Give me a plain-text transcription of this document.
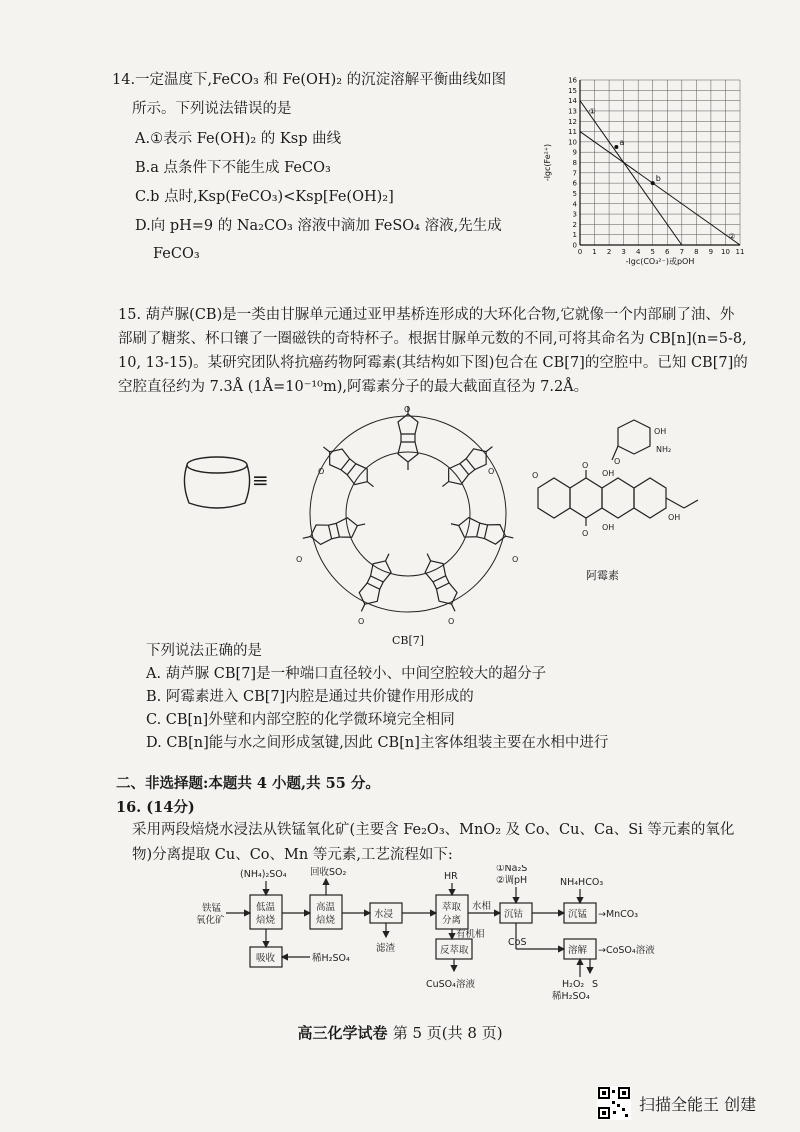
14.一定温度下,FeCO₃ 和 Fe(OH)₂ 的沉淀溶解平衡曲线如图
所示。下列说法错误的是
A.①表示 Fe(OH)₂ 的 Ksp 曲线
B.a 点条件下不能生成 FeCO₃
C.b 点时,Ksp(FeCO₃)<Ksp[Fe(OH)₂]
D.向 pH=9 的 Na₂CO₃ 溶液中滴加 FeSO₄ 溶液,先生成
FeCO₃	0 1 2 3 4 5 6 7 8 9 10 11
0
1
2
3
4
5
6
7
8
9
10
11
12
13
14
15
16
①
②
a
b
-lgc(CO₃²⁻)或pOH
-lgc(Fe²⁺)

15. 葫芦脲(CB)是一类由甘脲单元通过亚甲基桥连形成的大环化合物,它就像一个内部刷了油、外部刷了糖浆、杯口镶了一圈磁铁的奇特杯子。根据甘脲单元数的不同,可将其命名为 CB[n](n=5-8, 10, 13-15)。某研究团队将抗癌药物阿霉素(其结构如下图)包合在 CB[7]的空腔中。已知 CB[7]的空腔直径约为 7.3Å (1Å=10⁻¹⁰m),阿霉素分子的最大截面直径为 7.2Å。

≡
O
O	O
O	O
O	O
CB[7]
OH
NH₂
O
O
O
O
OH
OH
OH
阿霉素
下列说法正确的是
A. 葫芦脲 CB[7]是一种端口直径较小、中间空腔较大的超分子
B. 阿霉素进入 CB[7]内腔是通过共价键作用形成的
C. CB[n]外壁和内部空腔的化学微环境完全相同
D. CB[n]能与水之间形成氢键,因此 CB[n]主客体组装主要在水相中进行
二、非选择题:本题共 4 小题,共 55 分。
16. (14分)
采用两段焙烧水浸法从铁锰氧化矿(主要含 Fe₂O₃、MnO₂ 及 Co、Cu、Ca、Si 等元素的氧化物)分离提取 Cu、Co、Mn 等元素,工艺流程如下:
铁锰
氧化矿
(NH₄)₂SO₄
低温
焙烧
回收SO₂
高温
焙烧
水浸
滤渣
HR
萃取
分离
水相
有机相
反萃取
CuSO₄溶液
①Na₂S
②调pH
沉钴
CoS
NH₄HCO₃
沉锰 →MnCO₃
溶解 →CoSO₄溶液
H₂O₂
稀H₂SO₄
S
吸收	稀H₂SO₄
高三化学试卷 第 5 页(共 8 页)
扫描全能王 创建
